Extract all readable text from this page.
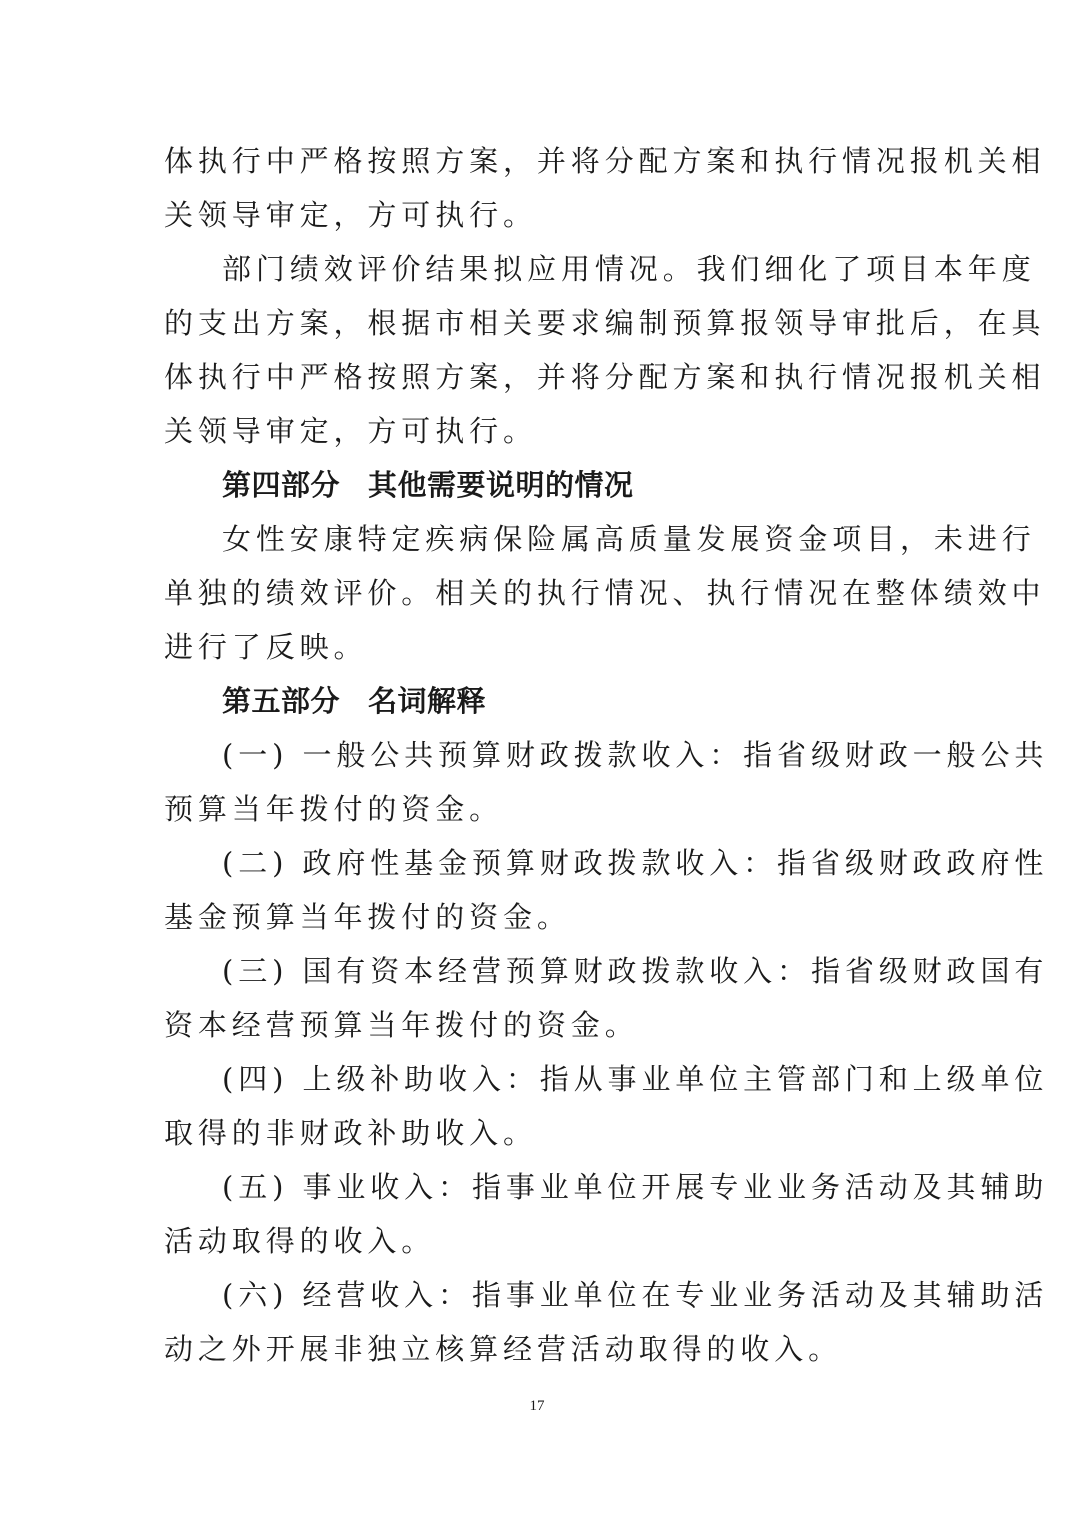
体执行中严格按照方案，并将分配方案和执行情况报机关相
关领导审定，方可执行。
部门绩效评价结果拟应用情况。我们细化了项目本年度
的支出方案，根据市相关要求编制预算报领导审批后，在具
体执行中严格按照方案，并将分配方案和执行情况报机关相
关领导审定，方可执行。
第四部分 其他需要说明的情况
女性安康特定疾病保险属高质量发展资金项目，未进行
单独的绩效评价。相关的执行情况、执行情况在整体绩效中
进行了反映。
第五部分 名词解释
(一) 一般公共预算财政拨款收入：指省级财政一般公共
预算当年拨付的资金。
(二) 政府性基金预算财政拨款收入：指省级财政政府性
基金预算当年拨付的资金。
(三) 国有资本经营预算财政拨款收入：指省级财政国有
资本经营预算当年拨付的资金。
(四) 上级补助收入：指从事业单位主管部门和上级单位
取得的非财政补助收入。
(五) 事业收入：指事业单位开展专业业务活动及其辅助
活动取得的收入。
(六) 经营收入：指事业单位在专业业务活动及其辅助活
动之外开展非独立核算经营活动取得的收入。
17
